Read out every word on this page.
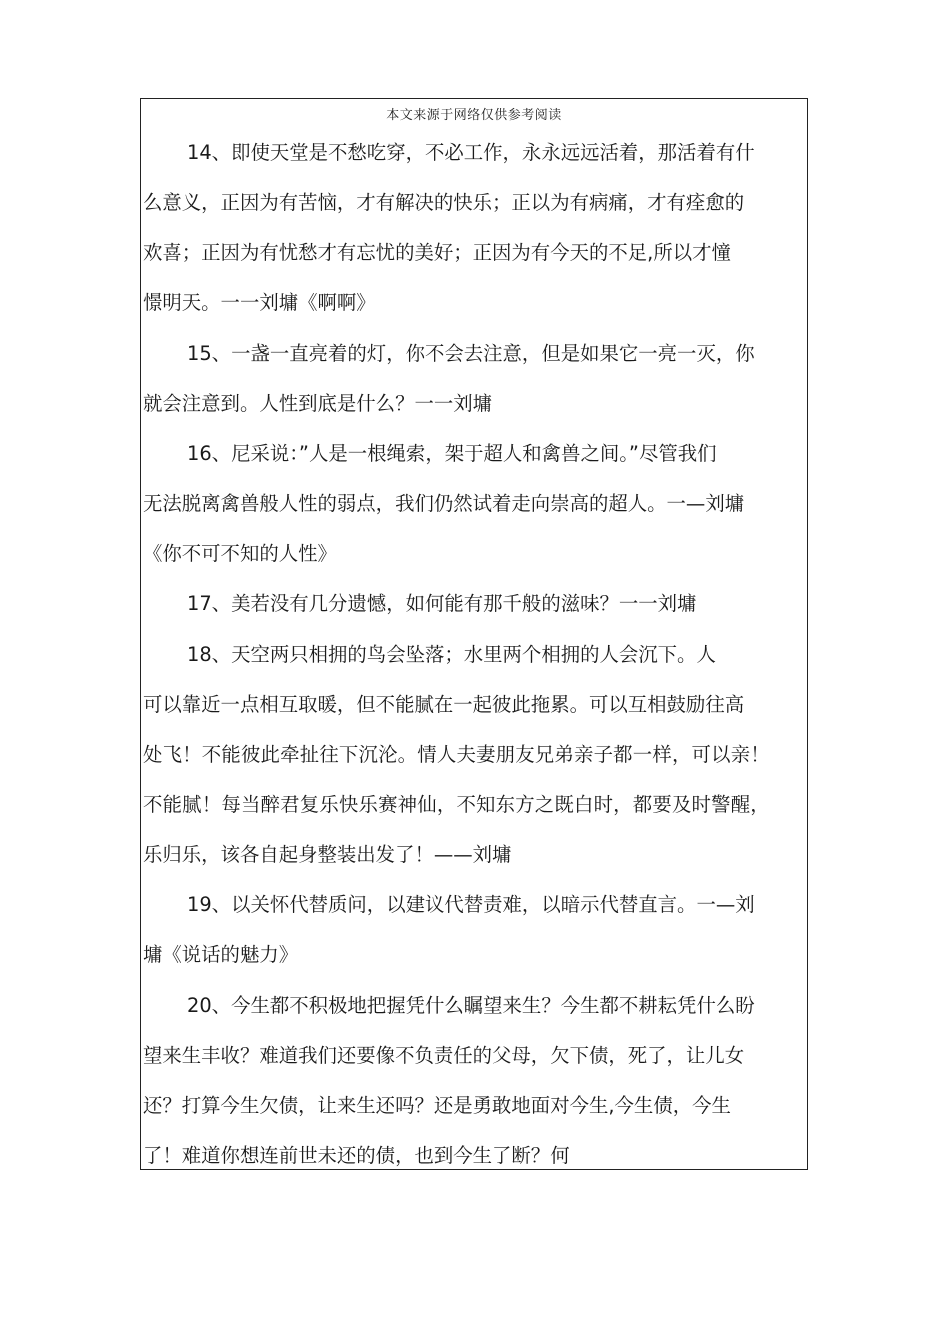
本文来源于网络仅供参考阅读
14、即使天堂是不愁吃穿，不必工作，永永远远活着，那活着有什
么意义，正因为有苦恼，才有解决的快乐；正以为有病痛，才有痊愈的
欢喜；正因为有忧愁才有忘忧的美好；正因为有今天的不足,所以才憧
憬明天。一一刘墉《啊啊》
15、一盏一直亮着的灯，你不会去注意，但是如果它一亮一灭，你
就会注意到。人性到底是什么？一一刘墉
16、尼采说：”人是一根绳索，架于超人和禽兽之间。”尽管我们
无法脱离禽兽般人性的弱点，我们仍然试着走向崇高的超人。一—刘墉
《你不可不知的人性》
17、美若没有几分遗憾，如何能有那千般的滋味？一一刘墉
18、天空两只相拥的鸟会坠落；水里两个相拥的人会沉下。人
可以靠近一点相互取暖，但不能腻在一起彼此拖累。可以互相鼓励往高
处飞！不能彼此牵扯往下沉沦。情人夫妻朋友兄弟亲子都一样，可以亲！
不能腻！每当醉君复乐快乐赛神仙，不知东方之既白时，都要及时警醒，
乐归乐，该各自起身整装出发了！——刘墉
19、以关怀代替质问，以建议代替责难，以暗示代替直言。一—刘
墉《说话的魅力》
20、今生都不积极地把握凭什么瞩望来生？今生都不耕耘凭什么盼
望来生丰收？难道我们还要像不负责任的父母，欠下债，死了，让儿女
还？打算今生欠债，让来生还吗？还是勇敢地面对今生,今生债，今生
了！难道你想连前世未还的债，也到今生了断？何
